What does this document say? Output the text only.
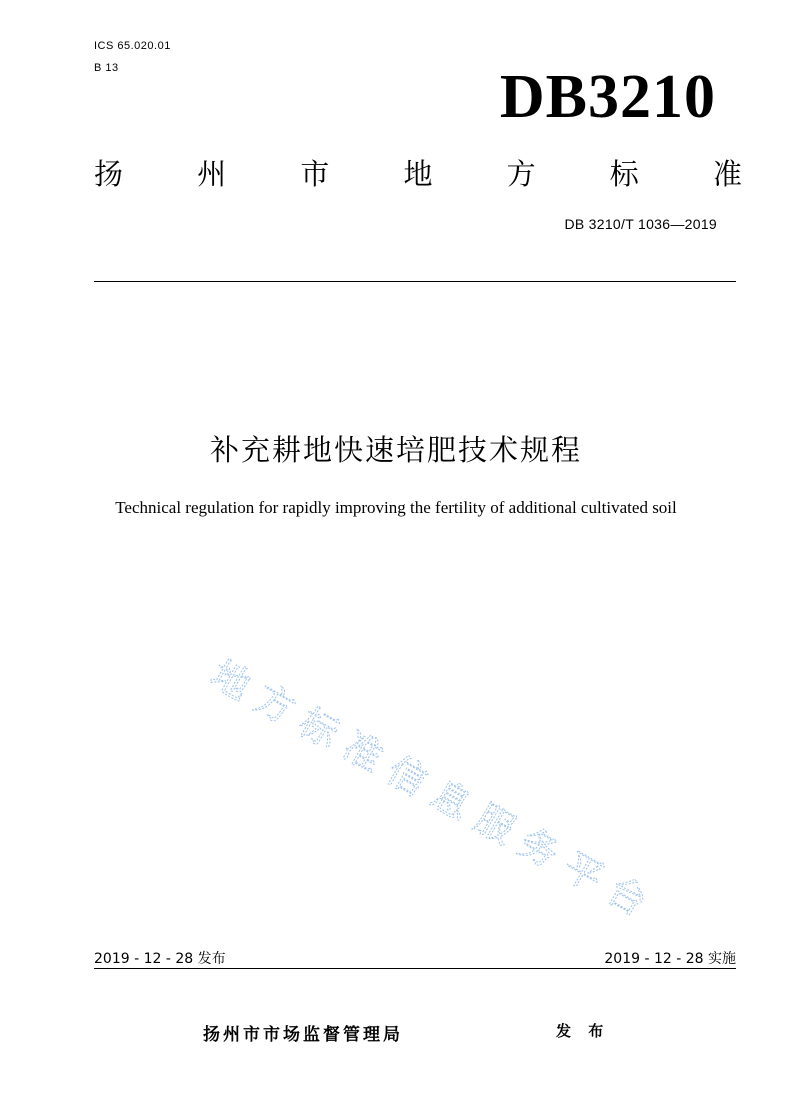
ICS 65.020.01
B 13	DB3210
扬	州	市	地	方	标	准
DB 3210/T 1036—2019
补充耕地快速培肥技术规程
Technical regulation for rapidly improving the fertility of additional cultivated soil
地
方
标
准
信
息
服
务
平
台
2019 - 12 - 28 发布	2019 - 12 - 28 实施
扬州市市场监督管理局	发 布
